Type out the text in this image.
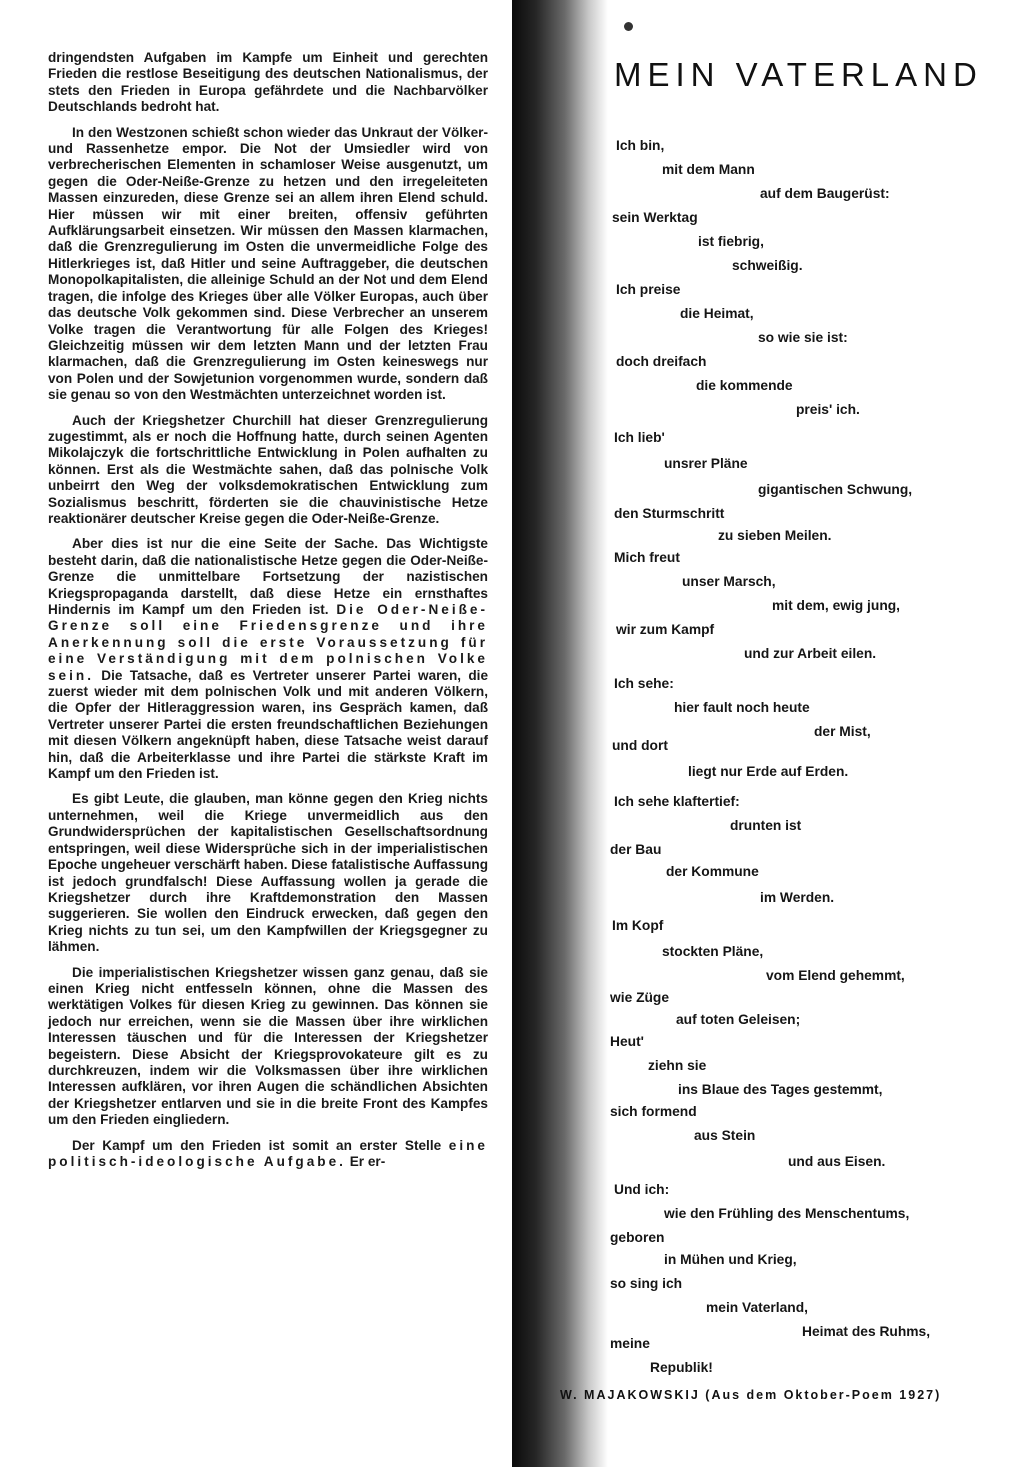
dringendsten Aufgaben im Kampfe um Einheit und gerechten Frieden die restlose Beseitigung des deutschen Nationalismus, der stets den Frieden in Europa gefährdete und die Nachbarvölker Deutschlands bedroht hat.

In den Westzonen schießt schon wieder das Unkraut der Völker- und Rassenhetze empor. Die Not der Umsiedler wird von verbrecherischen Elementen in schamloser Weise ausgenutzt, um gegen die Oder-Neiße-Grenze zu hetzen und den irregeleiteten Massen einzureden, diese Grenze sei an allem ihren Elend schuld. Hier müssen wir mit einer breiten, offensiv geführten Aufklärungsarbeit einsetzen. Wir müssen den Massen klarmachen, daß die Grenzregulierung im Osten die unvermeidliche Folge des Hitlerkrieges ist, daß Hitler und seine Auftraggeber, die deutschen Monopolkapitalisten, die alleinige Schuld an der Not und dem Elend tragen, die infolge des Krieges über alle Völker Europas, auch über das deutsche Volk gekommen sind. Diese Verbrecher an unserem Volke tragen die Verantwortung für alle Folgen des Krieges! Gleichzeitig müssen wir dem letzten Mann und der letzten Frau klarmachen, daß die Grenzregulierung im Osten keineswegs nur von Polen und der Sowjetunion vorgenommen wurde, sondern daß sie genau so von den Westmächten unterzeichnet worden ist.

Auch der Kriegshetzer Churchill hat dieser Grenzregulierung zugestimmt, als er noch die Hoffnung hatte, durch seinen Agenten Mikolajczyk die fortschrittliche Entwicklung in Polen aufhalten zu können. Erst als die Westmächte sahen, daß das polnische Volk unbeirrt den Weg der volksdemokratischen Entwicklung zum Sozialismus beschritt, förderten sie die chauvinistische Hetze reaktionärer deutscher Kreise gegen die Oder-Neiße-Grenze.

Aber dies ist nur die eine Seite der Sache. Das Wichtigste besteht darin, daß die nationalistische Hetze gegen die Oder-Neiße-Grenze die unmittelbare Fortsetzung der nazistischen Kriegspropaganda darstellt, daß diese Hetze ein ernsthaftes Hindernis im Kampf um den Frieden ist. Die Oder-Neiße-Grenze soll eine Friedensgrenze und ihre Anerkennung soll die erste Voraussetzung für eine Verständigung mit dem polnischen Volke sein. Die Tatsache, daß es Vertreter unserer Partei waren, die zuerst wieder mit dem polnischen Volk und mit anderen Völkern, die Opfer der Hitleraggression waren, ins Gespräch kamen, daß Vertreter unserer Partei die ersten freundschaftlichen Beziehungen mit diesen Völkern angeknüpft haben, diese Tatsache weist darauf hin, daß die Arbeiterklasse und ihre Partei die stärkste Kraft im Kampf um den Frieden ist.

Es gibt Leute, die glauben, man könne gegen den Krieg nichts unternehmen, weil die Kriege unvermeidlich aus den Grundwidersprüchen der kapitalistischen Gesellschaftsordnung entspringen, weil diese Widersprüche sich in der imperialistischen Epoche ungeheuer verschärft haben. Diese fatalistische Auffassung ist jedoch grundfalsch! Diese Auffassung wollen ja gerade die Kriegshetzer durch ihre Kraftdemonstration den Massen suggerieren. Sie wollen den Eindruck erwecken, daß gegen den Krieg nichts zu tun sei, um den Kampfwillen der Kriegsgegner zu lähmen.

Die imperialistischen Kriegshetzer wissen ganz genau, daß sie einen Krieg nicht entfesseln können, ohne die Massen des werktätigen Volkes für diesen Krieg zu gewinnen. Das können sie jedoch nur erreichen, wenn sie die Massen über ihre wirklichen Interessen täuschen und für die Interessen der Kriegshetzer begeistern. Diese Absicht der Kriegsprovokateure gilt es zu durchkreuzen, indem wir die Volksmassen über ihre wirklichen Interessen aufklären, vor ihren Augen die schändlichen Absichten der Kriegshetzer entlarven und sie in die breite Front des Kampfes um den Frieden eingliedern.

Der Kampf um den Frieden ist somit an erster Stelle eine politisch-ideologische Aufgabe. Er er-

MEIN VATERLAND
Ich bin,
mit dem Mann
auf dem Baugerüst:
sein Werktag
ist fiebrig,
schweißig.
Ich preise
die Heimat,
so wie sie ist:
doch dreifach
die kommende
preis' ich.
Ich lieb'
unsrer Pläne
gigantischen Schwung,
den Sturmschritt
zu sieben Meilen.
Mich freut
unser Marsch,
mit dem, ewig jung,
wir zum Kampf
und zur Arbeit eilen.
Ich sehe:
hier fault noch heute
der Mist,
und dort
liegt nur Erde auf Erden.
Ich sehe klaftertief:
drunten ist
der Bau
der Kommune
im Werden.
Im Kopf
stockten Pläne,
vom Elend gehemmt,
wie Züge
auf toten Geleisen;
Heut'
ziehn sie
ins Blaue des Tages gestemmt,
sich formend
aus Stein
und aus Eisen.
Und ich:
wie den Frühling des Menschentums,
geboren
in Mühen und Krieg,
so sing ich
mein Vaterland,
Heimat des Ruhms,
meine
Republik!
W. MAJAKOWSKIJ (Aus dem Oktober-Poem 1927)
